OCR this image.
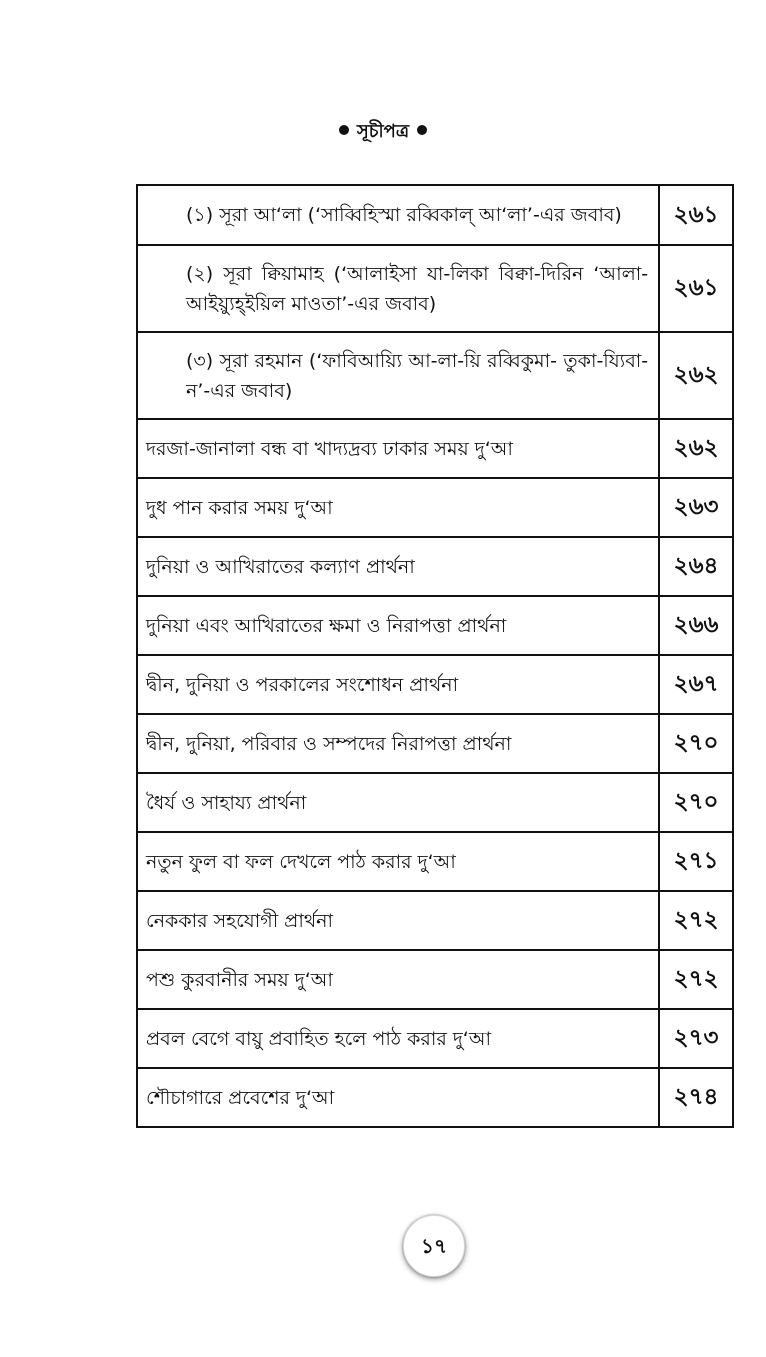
সূচীপত্র
(১) সূরা আ‘লা (‘সাব্বিহিস্মা রব্বিকাল্ আ‘লা’-এর জবাব)	২৬১
(২) সূরা ক্বিয়ামাহ (‘আলাইসা যা-লিকা বিক্বা-দিরিন ‘আলা-আইয়্যুহ্‌ইয়িল মাওতা’-এর জবাব)	২৬১
(৩) সূরা রহমান (‘ফাবিআয়্যি আ-লা-য়ি রব্বিকুমা- তুকা-য্যিবা-ন’-এর জবাব)	২৬২
দরজা-জানালা বন্ধ বা খাদ্যদ্রব্য ঢাকার সময় দু‘আ	২৬২
দুধ পান করার সময় দু‘আ	২৬৩
দুনিয়া ও আখিরাতের কল্যাণ প্রার্থনা	২৬৪
দুনিয়া এবং আখিরাতের ক্ষমা ও নিরাপত্তা প্রার্থনা	২৬৬
দ্বীন, দুনিয়া ও পরকালের সংশোধন প্রার্থনা	২৬৭
দ্বীন, দুনিয়া, পরিবার ও সম্পদের নিরাপত্তা প্রার্থনা	২৭০
ধৈর্য ও সাহায্য প্রার্থনা	২৭০
নতুন ফুল বা ফল দেখলে পাঠ করার দু‘আ	২৭১
নেককার সহযোগী প্রার্থনা	২৭২
পশু কুরবানীর সময় দু‘আ	২৭২
প্রবল বেগে বায়ু প্রবাহিত হলে পাঠ করার দু‘আ	২৭৩
শৌচাগারে প্রবেশের দু‘আ	২৭৪
১৭
